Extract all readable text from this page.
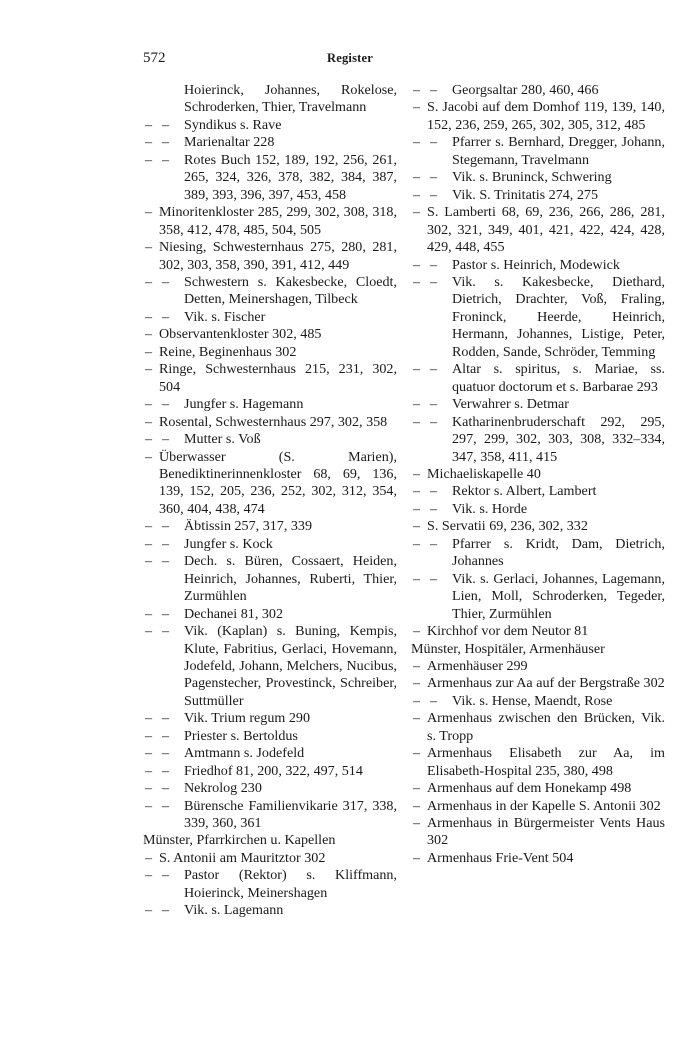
572	Register
Hoierinck, Johannes, Rokelose, Schroderken, Thier, Travelmann
– – Syndikus s. Rave
– – Marienaltar 228
– – Rotes Buch 152, 189, 192, 256, 261, 265, 324, 326, 378, 382, 384, 387, 389, 393, 396, 397, 453, 458
– Minoritenkloster 285, 299, 302, 308, 318, 358, 412, 478, 485, 504, 505
– Niesing, Schwesternhaus 275, 280, 281, 302, 303, 358, 390, 391, 412, 449
– – Schwestern s. Kakesbecke, Cloedt, Detten, Meinershagen, Tilbeck
– – Vik. s. Fischer
– Observantenkloster 302, 485
– Reine, Beginenhaus 302
– Ringe, Schwesternhaus 215, 231, 302, 504
– – Jungfer s. Hagemann
– Rosental, Schwesternhaus 297, 302, 358
– – Mutter s. Voß
– Überwasser (S. Marien), Benediktinerinnenkloster 68, 69, 136, 139, 152, 205, 236, 252, 302, 312, 354, 360, 404, 438, 474
– – Äbtissin 257, 317, 339
– – Jungfer s. Kock
– – Dech. s. Büren, Cossaert, Heiden, Heinrich, Johannes, Ruberti, Thier, Zurmühlen
– – Dechanei 81, 302
– – Vik. (Kaplan) s. Buning, Kempis, Klute, Fabritius, Gerlaci, Hovemann, Jodefeld, Johann, Melchers, Nucibus, Pagenstecher, Provestinck, Schreiber, Suttmüller
– – Vik. Trium regum 290
– – Priester s. Bertoldus
– – Amtmann s. Jodefeld
– – Friedhof 81, 200, 322, 497, 514
– – Nekrolog 230
– – Bürensche Familienvikarie 317, 338, 339, 360, 361
Münster, Pfarrkirchen u. Kapellen
– S. Antonii am Mauritztor 302
– – Pastor (Rektor) s. Kliffmann, Hoierinck, Meinershagen
– – Vik. s. Lagemann
– – Georgsaltar 280, 460, 466
– S. Jacobi auf dem Domhof 119, 139, 140, 152, 236, 259, 265, 302, 305, 312, 485
– – Pfarrer s. Bernhard, Dregger, Johann, Stegemann, Travelmann
– – Vik. s. Bruninck, Schwering
– – Vik. S. Trinitatis 274, 275
– S. Lamberti 68, 69, 236, 266, 286, 281, 302, 321, 349, 401, 421, 422, 424, 428, 429, 448, 455
– – Pastor s. Heinrich, Modewick
– – Vik. s. Kakesbecke, Diethard, Dietrich, Drachter, Voß, Fraling, Froninck, Heerde, Heinrich, Hermann, Johannes, Listige, Peter, Rodden, Sande, Schröder, Temming
– – Altar s. spiritus, s. Mariae, ss. quatuor doctorum et s. Barbarae 293
– – Verwahrer s. Detmar
– – Katharinenbruderschaft 292, 295, 297, 299, 302, 303, 308, 332–334, 347, 358, 411, 415
– Michaeliskapelle 40
– – Rektor s. Albert, Lambert
– – Vik. s. Horde
– S. Servatii 69, 236, 302, 332
– – Pfarrer s. Kridt, Dam, Dietrich, Johannes
– – Vik. s. Gerlaci, Johannes, Lagemann, Lien, Moll, Schroderken, Tegeder, Thier, Zurmühlen
– Kirchhof vor dem Neutor 81
Münster, Hospitäler, Armenhäuser
– Armenhäuser 299
– Armenhaus zur Aa auf der Bergstraße 302
– – Vik. s. Hense, Maendt, Rose
– Armenhaus zwischen den Brücken, Vik. s. Tropp
– Armenhaus Elisabeth zur Aa, im Elisabeth-Hospital 235, 380, 498
– Armenhaus auf dem Honekamp 498
– Armenhaus in der Kapelle S. Antonii 302
– Armenhaus in Bürgermeister Vents Haus 302
– Armenhaus Frie-Vent 504
